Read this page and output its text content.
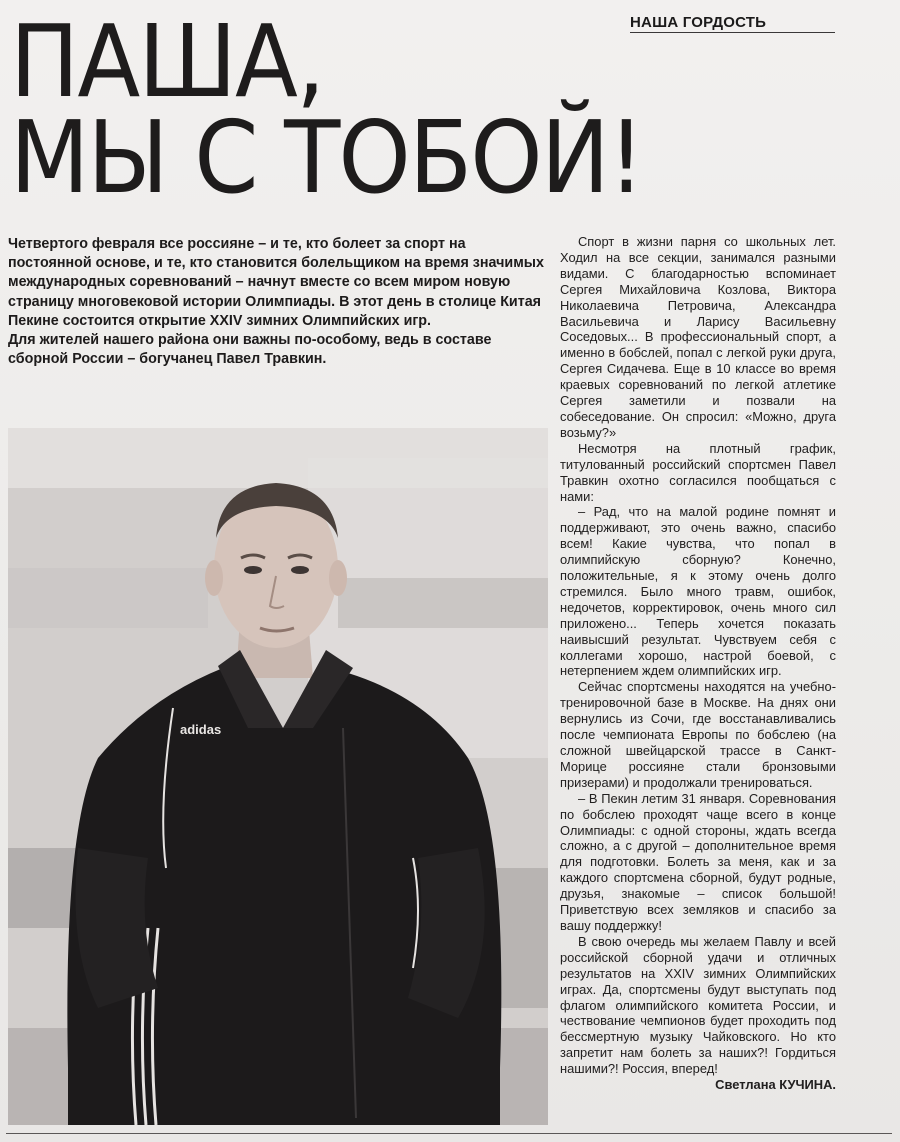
НАША ГОРДОСТЬ
ПАША,
МЫ С ТОБОЙ!

Четвертого февраля все россияне – и те, кто болеет за спорт на постоянной основе, и те, кто становится болельщиком на время значимых международных соревнований – начнут вместе со всем миром новую страницу многовековой истории Олимпиады. В этот день в столице Китая Пекине состоится открытие XXIV зимних Олимпийских игр.

Для жителей нашего района они важны по-особому, ведь в составе сборной России – богучанец Павел Травкин.

adidas

Спорт в жизни парня со школьных лет. Ходил на все секции, занимался разными видами. С благодарностью вспоминает Сергея Михайловича Козлова, Виктора Николаевича Петровича, Александра Васильевича и Ларису Васильевну Соседовых... В профессиональный спорт, а именно в бобслей, попал с легкой руки друга, Сергея Сидачева. Еще в 10 классе во время краевых соревнований по легкой атлетике Сергея заметили и позвали на собеседование. Он спросил: «Можно, друга возьму?»

Несмотря на плотный график, титулованный российский спортсмен Павел Травкин охотно согласился пообщаться с нами:

– Рад, что на малой родине помнят и поддерживают, это очень важно, спасибо всем! Какие чувства, что попал в олимпийскую сборную? Конечно, положительные, я к этому очень долго стремился. Было много травм, ошибок, недочетов, корректировок, очень много сил приложено... Теперь хочется показать наивысший результат. Чувствуем себя с коллегами хорошо, настрой боевой, с нетерпением ждем олимпийских игр.

Сейчас спортсмены находятся на учебно-тренировочной базе в Москве. На днях они вернулись из Сочи, где восстанавливались после чемпионата Европы по бобслею (на сложной швейцарской трассе в Санкт-Морице россияне стали бронзовыми призерами) и продолжали тренироваться.

– В Пекин летим 31 января. Соревнования по бобслею проходят чаще всего в конце Олимпиады: с одной стороны, ждать всегда сложно, а с другой – дополнительное время для подготовки. Болеть за меня, как и за каждого спортсмена сборной, будут родные, друзья, знакомые – список большой! Приветствую всех земляков и спасибо за вашу поддержку!

В свою очередь мы желаем Павлу и всей российской сборной удачи и отличных результатов на XXIV зимних Олимпийских играх. Да, спортсмены будут выступать под флагом олимпийского комитета России, и чествование чемпионов будет проходить под бессмертную музыку Чайковского. Но кто запретит нам болеть за наших?! Гордиться нашими?! Россия, вперед!

Светлана КУЧИНА.
